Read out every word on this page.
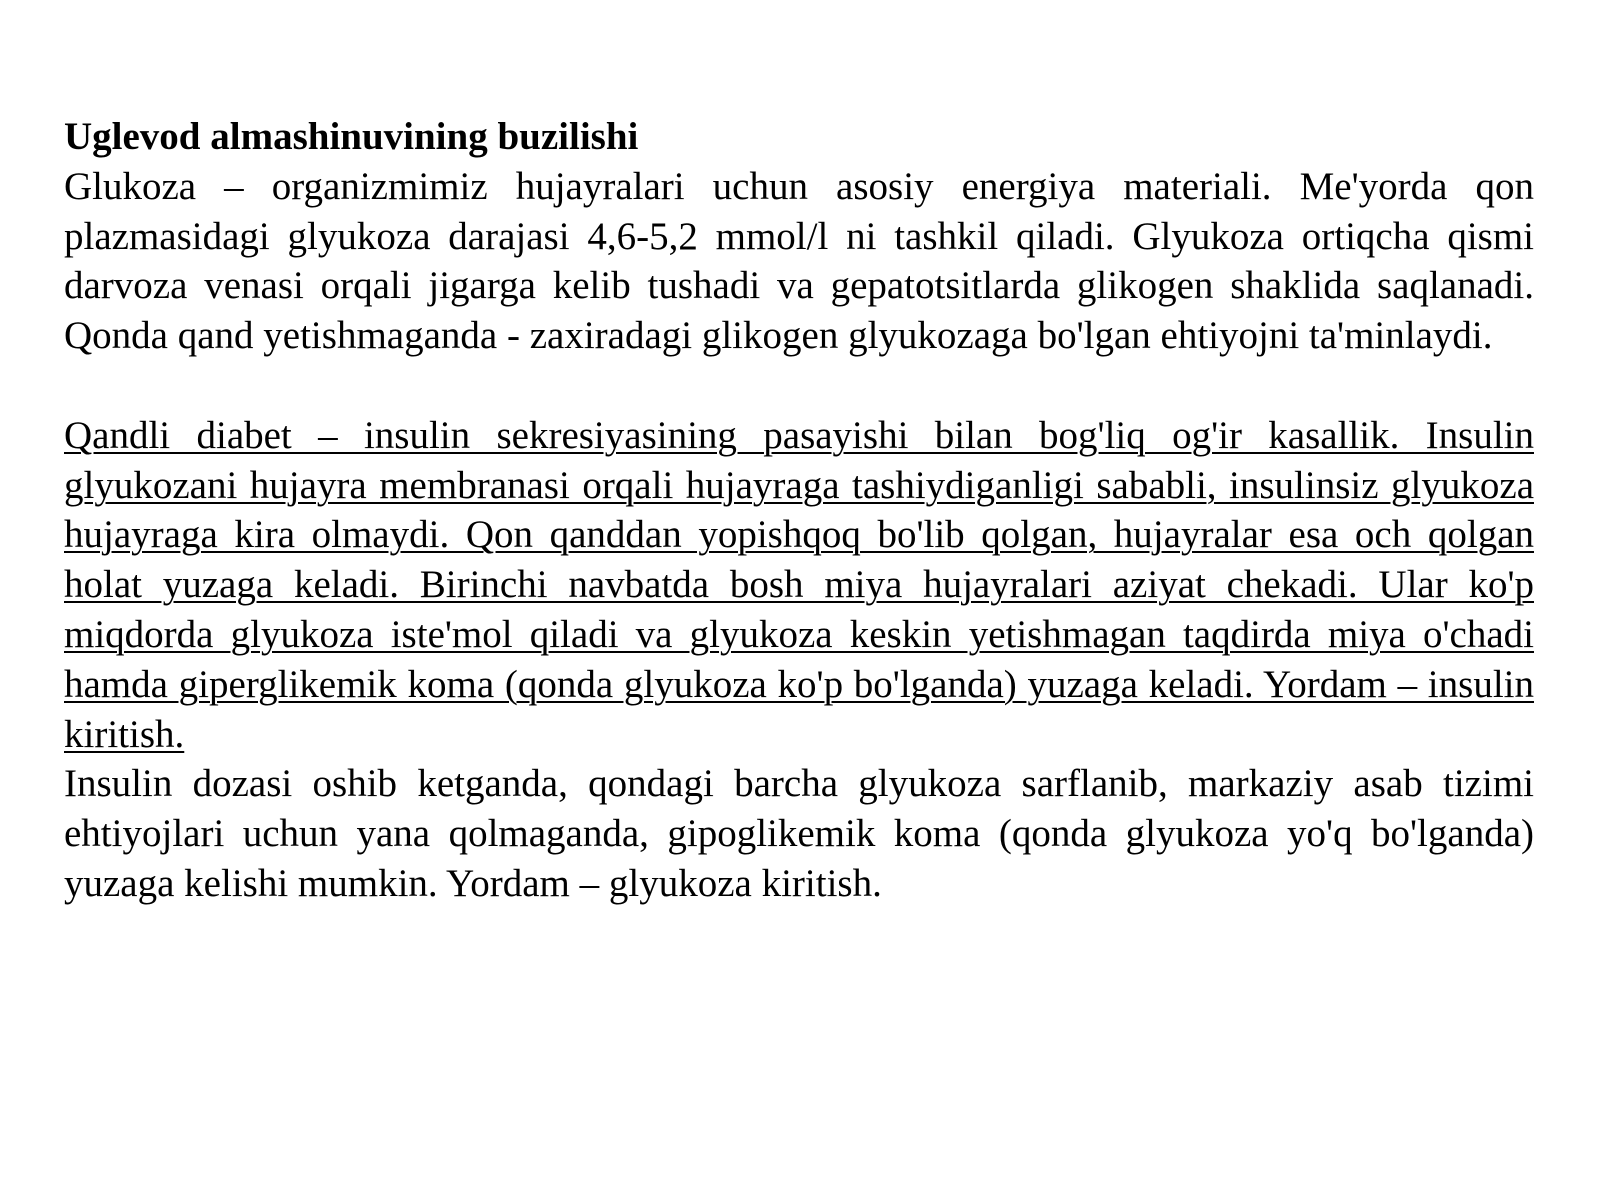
Uglevod almashinuvining buzilishi

Glukoza – organizmimiz hujayralari uchun asosiy energiya materiali. Me'yorda qon plazmasidagi glyukoza darajasi 4,6-5,2 mmol/l ni tashkil qiladi. Glyukoza ortiqcha qismi darvoza venasi orqali jigarga kelib tushadi va gepatotsitlarda glikogen shaklida saqlanadi. Qonda qand yetishmaganda - zaxiradagi glikogen glyukozaga bo'lgan ehtiyojni ta'minlaydi.

Qandli diabet – insulin sekresiyasining pasayishi bilan bog'liq og'ir kasallik. Insulin glyukozani hujayra membranasi orqali hujayraga tashiydiganligi sababli, insulinsiz glyukoza hujayraga kira olmaydi. Qon qanddan yopishqoq bo'lib qolgan, hujayralar esa och qolgan holat yuzaga keladi. Birinchi navbatda bosh miya hujayralari aziyat chekadi. Ular ko'p miqdorda glyukoza iste'mol qiladi va glyukoza keskin yetishmagan taqdirda miya o'chadi hamda giperglikemik koma (qonda glyukoza ko'p bo'lganda) yuzaga keladi. Yordam – insulin kiritish.

Insulin dozasi oshib ketganda, qondagi barcha glyukoza sarflanib, markaziy asab tizimi ehtiyojlari uchun yana qolmaganda, gipoglikemik koma (qonda glyukoza yo'q bo'lganda) yuzaga kelishi mumkin. Yordam – glyukoza kiritish.
